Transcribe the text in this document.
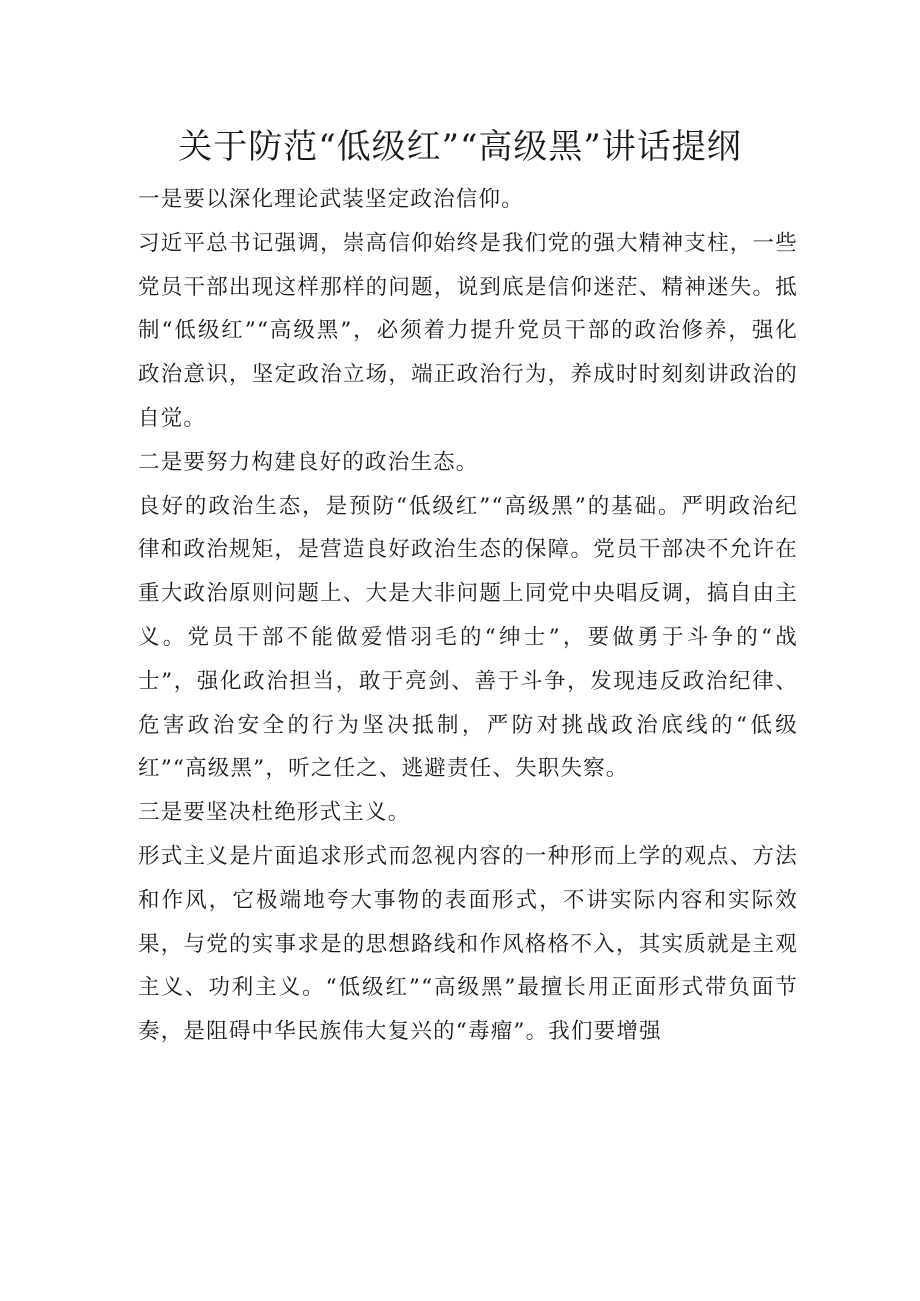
关于防范“低级红”“高级黑”讲话提纲

一是要以深化理论武装坚定政治信仰。

习近平总书记强调，崇高信仰始终是我们党的强大精神支柱，一些党员干部出现这样那样的问题，说到底是信仰迷茫、精神迷失。抵制“低级红”“高级黑”，必须着力提升党员干部的政治修养，强化政治意识，坚定政治立场，端正政治行为，养成时时刻刻讲政治的自觉。

二是要努力构建良好的政治生态。

良好的政治生态，是预防“低级红”“高级黑”的基础。严明政治纪律和政治规矩，是营造良好政治生态的保障。党员干部决不允许在重大政治原则问题上、大是大非问题上同党中央唱反调，搞自由主义。党员干部不能做爱惜羽毛的“绅士”，要做勇于斗争的“战士”，强化政治担当，敢于亮剑、善于斗争，发现违反政治纪律、危害政治安全的行为坚决抵制，严防对挑战政治底线的“低级红”“高级黑”，听之任之、逃避责任、失职失察。

三是要坚决杜绝形式主义。

形式主义是片面追求形式而忽视内容的一种形而上学的观点、方法和作风，它极端地夸大事物的表面形式，不讲实际内容和实际效果，与党的实事求是的思想路线和作风格格不入，其实质就是主观主义、功利主义。“低级红”“高级黑”最擅长用正面形式带负面节奏，是阻碍中华民族伟大复兴的“毒瘤”。我们要增强
